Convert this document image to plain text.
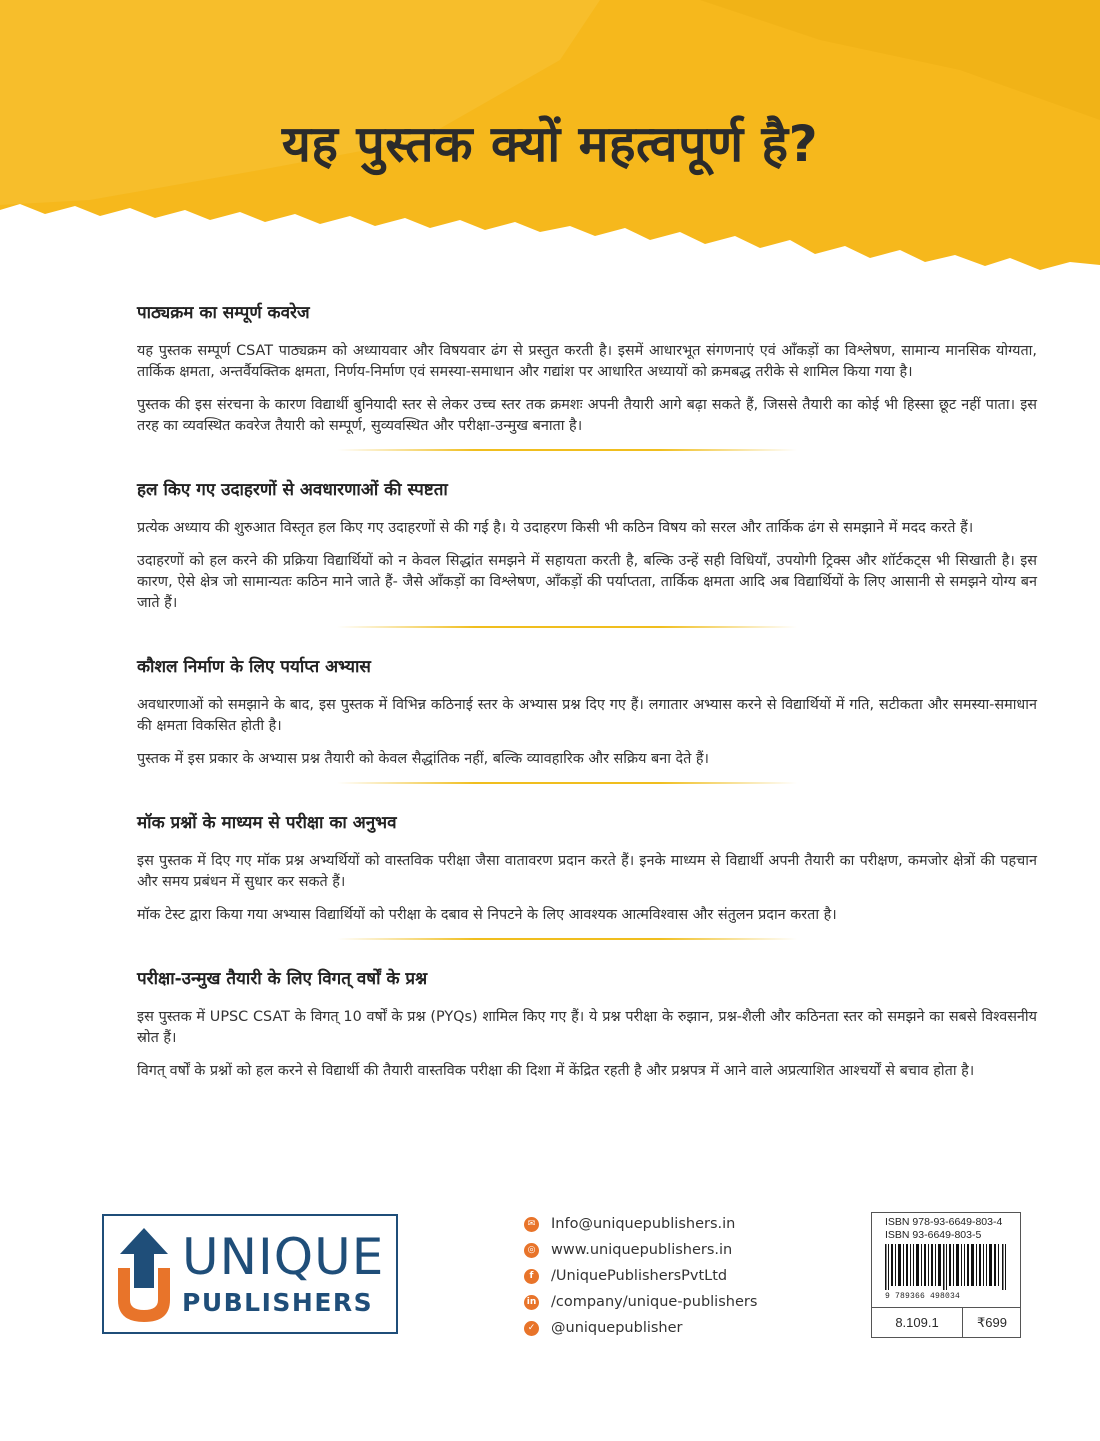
यह पुस्तक क्यों महत्वपूर्ण है?
पाठ्यक्रम का सम्पूर्ण कवरेज

यह पुस्तक सम्पूर्ण CSAT पाठ्यक्रम को अध्यायवार और विषयवार ढंग से प्रस्तुत करती है। इसमें आधारभूत संगणनाएं एवं आँकड़ों का विश्लेषण, सामान्य मानसिक योग्यता, तार्किक क्षमता, अन्तर्वैयक्तिक क्षमता, निर्णय-निर्माण एवं समस्या-समाधान और गद्यांश पर आधारित अध्यायों को क्रमबद्ध तरीके से शामिल किया गया है।

पुस्तक की इस संरचना के कारण विद्यार्थी बुनियादी स्तर से लेकर उच्च स्तर तक क्रमशः अपनी तैयारी आगे बढ़ा सकते हैं, जिससे तैयारी का कोई भी हिस्सा छूट नहीं पाता। इस तरह का व्यवस्थित कवरेज तैयारी को सम्पूर्ण, सुव्यवस्थित और परीक्षा-उन्मुख बनाता है।

हल किए गए उदाहरणों से अवधारणाओं की स्पष्टता

प्रत्येक अध्याय की शुरुआत विस्तृत हल किए गए उदाहरणों से की गई है। ये उदाहरण किसी भी कठिन विषय को सरल और तार्किक ढंग से समझाने में मदद करते हैं।

उदाहरणों को हल करने की प्रक्रिया विद्यार्थियों को न केवल सिद्धांत समझने में सहायता करती है, बल्कि उन्हें सही विधियाँ, उपयोगी ट्रिक्स और शॉर्टकट्स भी सिखाती है। इस कारण, ऐसे क्षेत्र जो सामान्यतः कठिन माने जाते हैं- जैसे आँकड़ों का विश्लेषण, आँकड़ों की पर्याप्तता, तार्किक क्षमता आदि अब विद्यार्थियों के लिए आसानी से समझने योग्य बन जाते हैं।

कौशल निर्माण के लिए पर्याप्त अभ्यास

अवधारणाओं को समझाने के बाद, इस पुस्तक में विभिन्न कठिनाई स्तर के अभ्यास प्रश्न दिए गए हैं। लगातार अभ्यास करने से विद्यार्थियों में गति, सटीकता और समस्या-समाधान की क्षमता विकसित होती है।

पुस्तक में इस प्रकार के अभ्यास प्रश्न तैयारी को केवल सैद्धांतिक नहीं, बल्कि व्यावहारिक और सक्रिय बना देते हैं।

मॉक प्रश्नों के माध्यम से परीक्षा का अनुभव

इस पुस्तक में दिए गए मॉक प्रश्न अभ्यर्थियों को वास्तविक परीक्षा जैसा वातावरण प्रदान करते हैं। इनके माध्यम से विद्यार्थी अपनी तैयारी का परीक्षण, कमजोर क्षेत्रों की पहचान और समय प्रबंधन में सुधार कर सकते हैं।

मॉक टेस्ट द्वारा किया गया अभ्यास विद्यार्थियों को परीक्षा के दबाव से निपटने के लिए आवश्यक आत्मविश्वास और संतुलन प्रदान करता है।

परीक्षा-उन्मुख तैयारी के लिए विगत् वर्षों के प्रश्न

इस पुस्तक में UPSC CSAT के विगत् 10 वर्षों के प्रश्न (PYQs) शामिल किए गए हैं। ये प्रश्न परीक्षा के रुझान, प्रश्न-शैली और कठिनता स्तर को समझने का सबसे विश्वसनीय स्रोत हैं।

विगत् वर्षों के प्रश्नों को हल करने से विद्यार्थी की तैयारी वास्तविक परीक्षा की दिशा में केंद्रित रहती है और प्रश्नपत्र में आने वाले अप्रत्याशित आश्चर्यों से बचाव होता है।

UNIQUE
PUBLISHERS
✉ Info@uniquepublishers.in
◎ www.uniquepublishers.in
f	/UniquePublishersPvtLtd
in /company/unique-publishers
✓ @uniquepublisher
ISBN 978-93-6649-803-4
ISBN 93-6649-803-5
9 789366 498034
8.109.1	₹699
